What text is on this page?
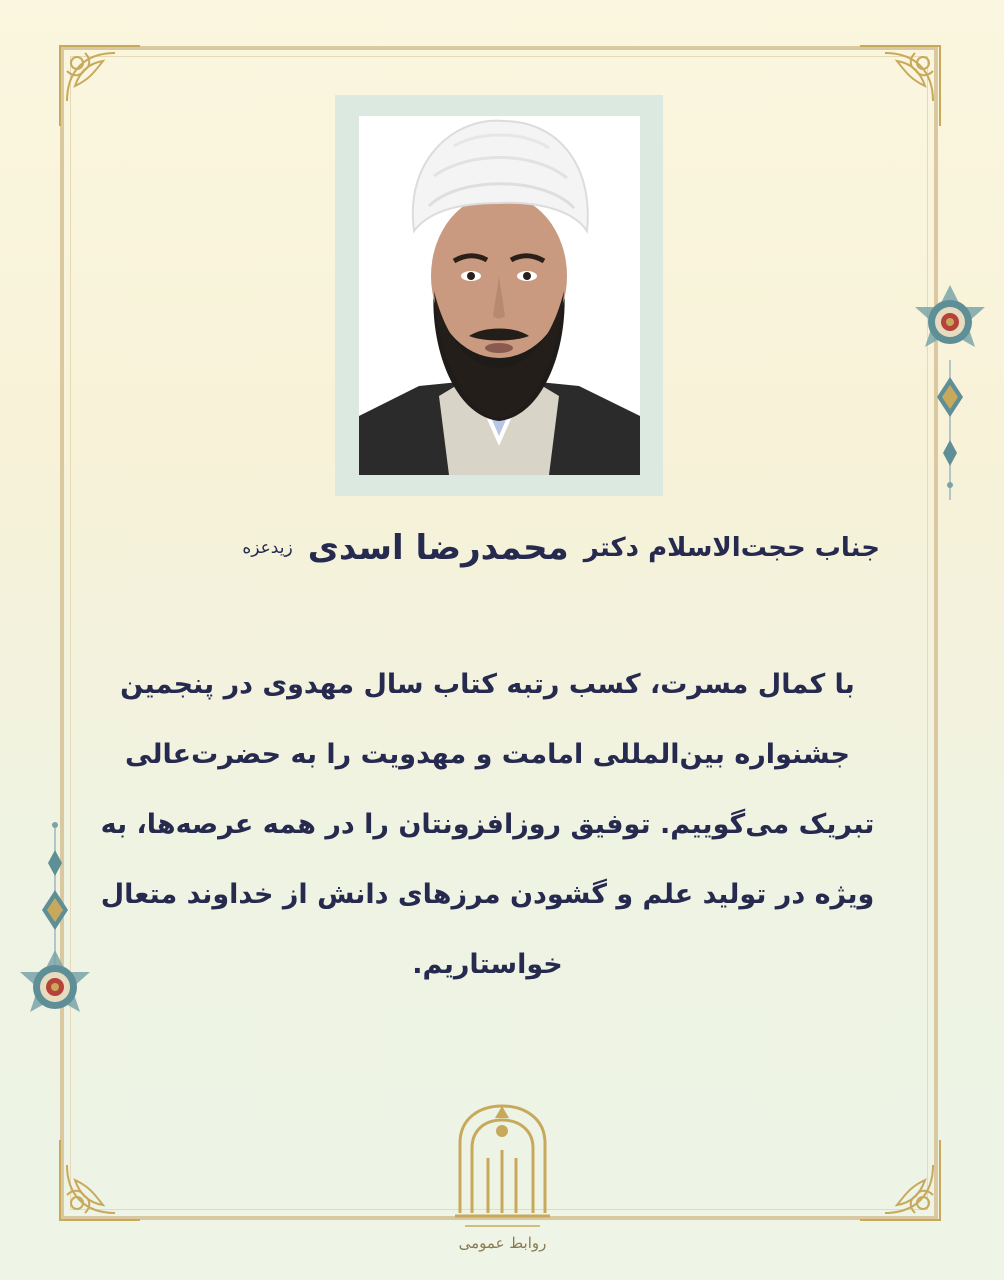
جناب حجت‌الاسلام دکتر محمدرضا اسدی زیدعزه
با کمال مسرت، کسب رتبه کتاب سال مهدوی در پنجمین جشنواره بین‌المللی امامت و مهدویت را به حضرت‌عالی تبریک می‌گوییم. توفیق روزافزونتان را در همه عرصه‌ها، به ویژه در تولید علم و گشودن مرزهای دانش از خداوند متعال خواستاریم.
روابط عمومی
